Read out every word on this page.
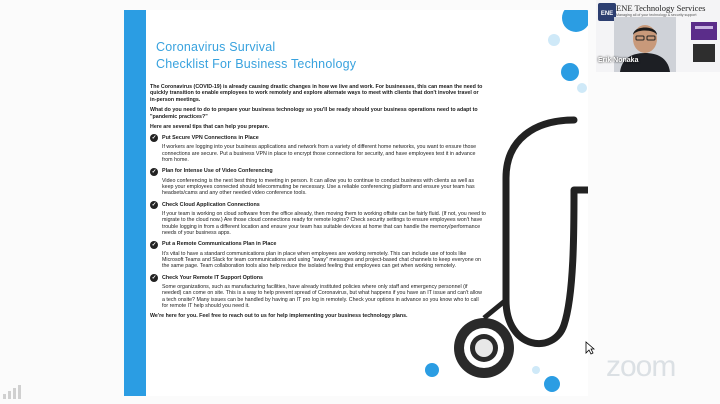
Coronavirus Survival
Checklist For Business Technology

The Coronavirus (COVID-19) is already causing drastic changes in how we live and work. For businesses, this can mean the need to quickly transition to enable employees to work remotely and explore alternate ways to meet with clients that don't involve travel or in-person meetings.

What do you need to do to prepare your business technology so you'll be ready should your business operations need to adapt to "pandemic practices?"

Here are several tips that can help you prepare.

✓	Put Secure VPN Connections in Place
If workers are logging into your business applications and network from a variety of different home networks, you want to ensure those connections are secure. Put a business VPN in place to encrypt those connections for security, and have employees test it in advance from home.
✓	Plan for Intense Use of Video Conferencing
Video conferencing is the next best thing to meeting in person. It can allow you to continue to conduct business with clients as well as keep your employees connected should telecommuting be necessary. Use a reliable conferencing platform and ensure your team has headsets/cams and any other needed video conference tools.
✓	Check Cloud Application Connections
If your team is working on cloud software from the office already, then moving them to working offsite can be fairly fluid. (If not, you need to migrate to the cloud now.) Are those cloud connections ready for remote logins? Check security settings to ensure employees won't have trouble logging in from a different location and ensure your team has suitable devices at home that can handle the memory/performance needs of your business apps.
✓	Put a Remote Communications Plan in Place
It's vital to have a standard communications plan in place when employees are working remotely. This can include use of tools like Microsoft Teams and Slack for team communications and using "away" messages and project-based chat channels to keep everyone on the same page. Team collaboration tools also help reduce the isolated feeling that employees can get when working remotely.
✓	Check Your Remote IT Support Options
Some organizations, such as manufacturing facilities, have already instituted policies where only staff and emergency personnel (if needed) can come on site. This is a way to help prevent spread of Coronavirus, but what happens if you have an IT issue and can't allow a tech onsite? Many issues can be handled by having an IT pro log in remotely. Check your options in advance so you know who to call for remote IT help should you need it.

We're here for you. Feel free to reach out to us for help implementing your business technology plans.

ENE
ENE Technology Services
Managing all of your technology & security support
Erik Nonaka
zoom
